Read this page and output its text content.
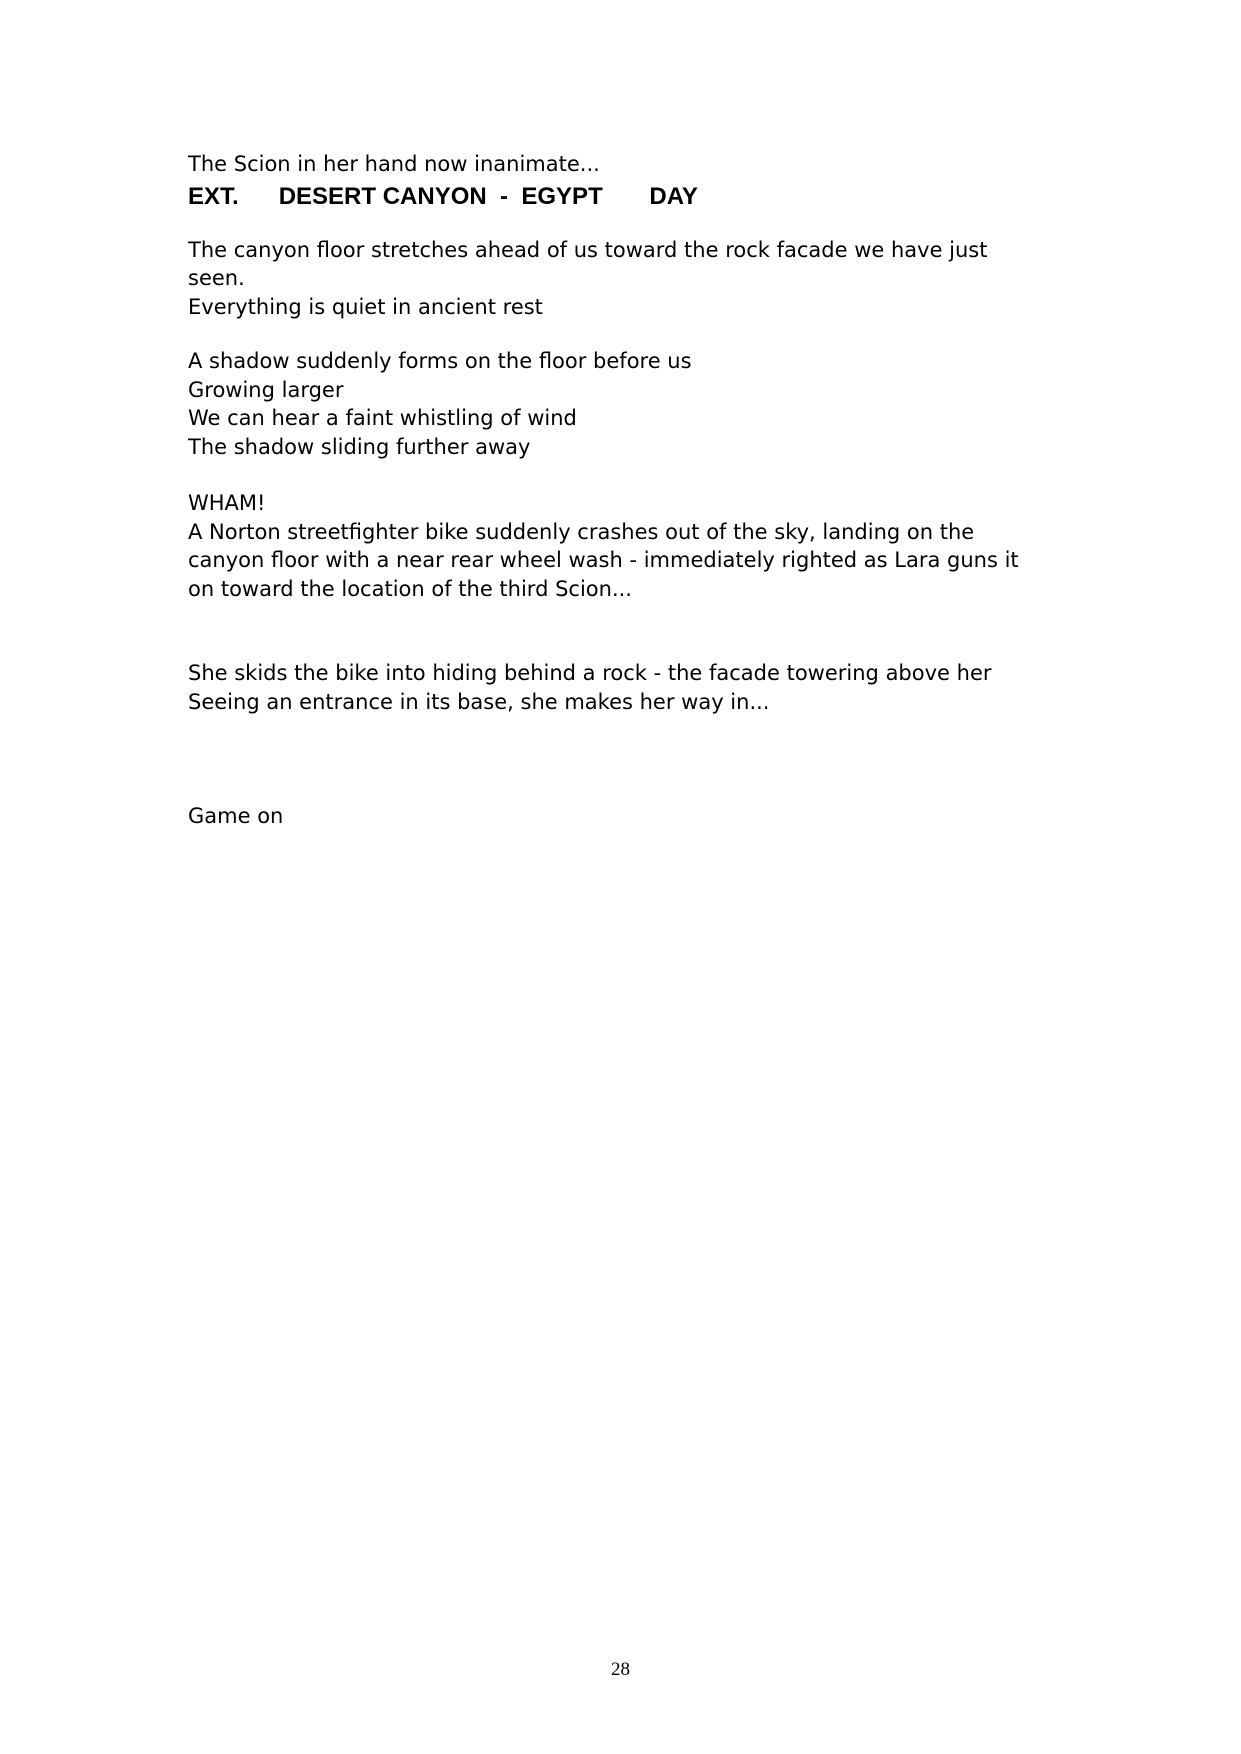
The Scion in her hand now inanimate...

EXT.      DESERT CANYON  -  EGYPT       DAY

The canyon floor stretches ahead of us toward the rock facade we have just

seen.

Everything is quiet in ancient rest

A shadow suddenly forms on the floor before us

Growing larger

We can hear a faint whistling of wind

The shadow sliding further away

WHAM!

A Norton streetfighter bike suddenly crashes out of the sky, landing on the

canyon floor with a near rear wheel wash - immediately righted as Lara guns it

on toward the location of the third Scion...

She skids the bike into hiding behind a rock - the facade towering above her

Seeing an entrance in its base, she makes her way in...

Game on

28
